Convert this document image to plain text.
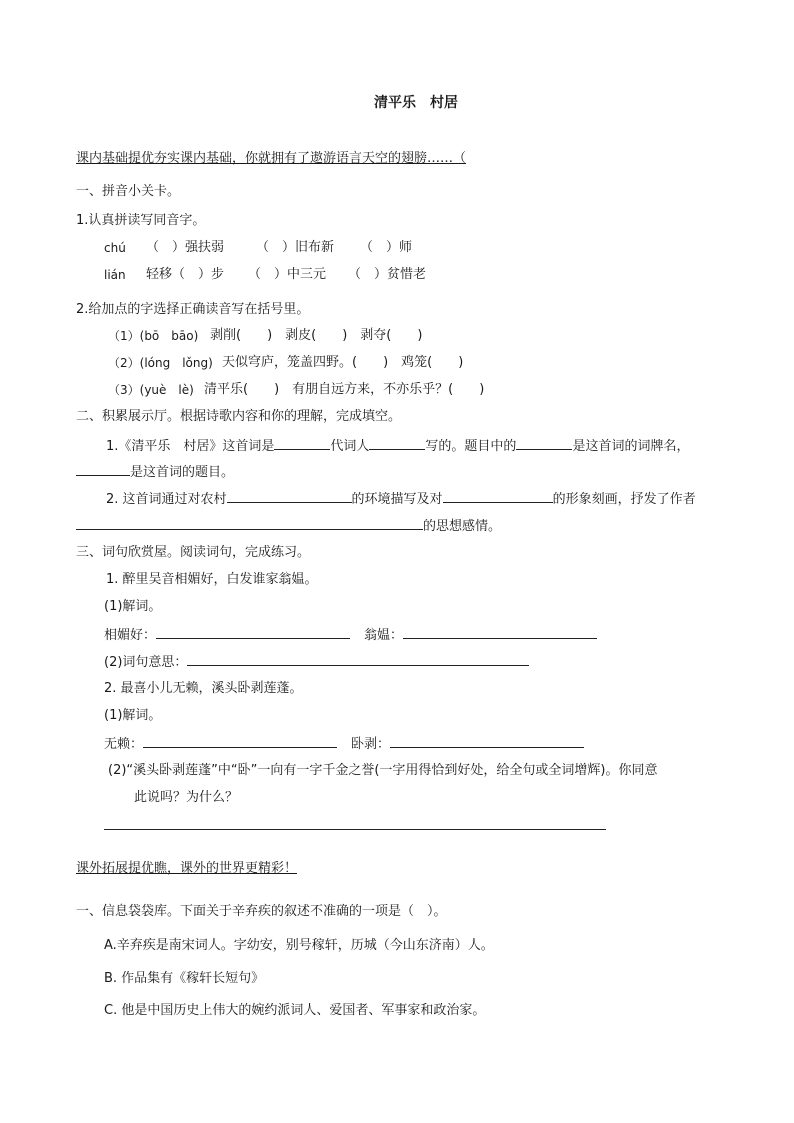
清平乐　村居
课内基础提优夯实课内基础，你就拥有了遨游语言天空的翅膀……（
一、拼音小关卡。
1.认真拼读写同音字。
chú （　）强扶弱 （　）旧布新 （　）师
lián 轻移（　）步 （　）中三元 （　）贫惜老
2.给加点的字选择正确读音写在括号里。
（1）(bō　bāo) 剥削(　　)　剥皮(　　)　剥夺(　　)
（2）(lóng　lǒng) 天似穹庐，笼盖四野。(　　)　鸡笼(　　)
（3）(yuè　lè) 清平乐(　　)　有朋自远方来，不亦乐乎？(　　)
二、积累展示厅。根据诗歌内容和你的理解，完成填空。
1.《清平乐　村居》这首词是	代词人	写的。题目中的	是这首词的词牌名，
是这首词的题目。
2. 这首词通过对农村	的环境描写及对	的形象刻画，抒发了作者
的思想感情。
三、词句欣赏屋。阅读词句，完成练习。
1. 醉里吴音相媚好，白发谁家翁媪。
(1)解词。
相媚好：	翁媪：
(2)词句意思：
2. 最喜小儿无赖，溪头卧剥莲蓬。
(1)解词。
无赖：	卧剥：
(2)“溪头卧剥莲蓬”中“卧”一向有一字千金之誉(一字用得恰到好处，给全句或全词增辉)。你同意
此说吗？为什么？
课外拓展提优瞧，课外的世界更精彩！
一、信息袋袋库。下面关于辛弃疾的叙述不准确的一项是（　）。
A.辛弃疾是南宋词人。字幼安，别号稼轩，历城（今山东济南）人。
B. 作品集有《稼轩长短句》
C. 他是中国历史上伟大的婉约派词人、爱国者、军事家和政治家。
